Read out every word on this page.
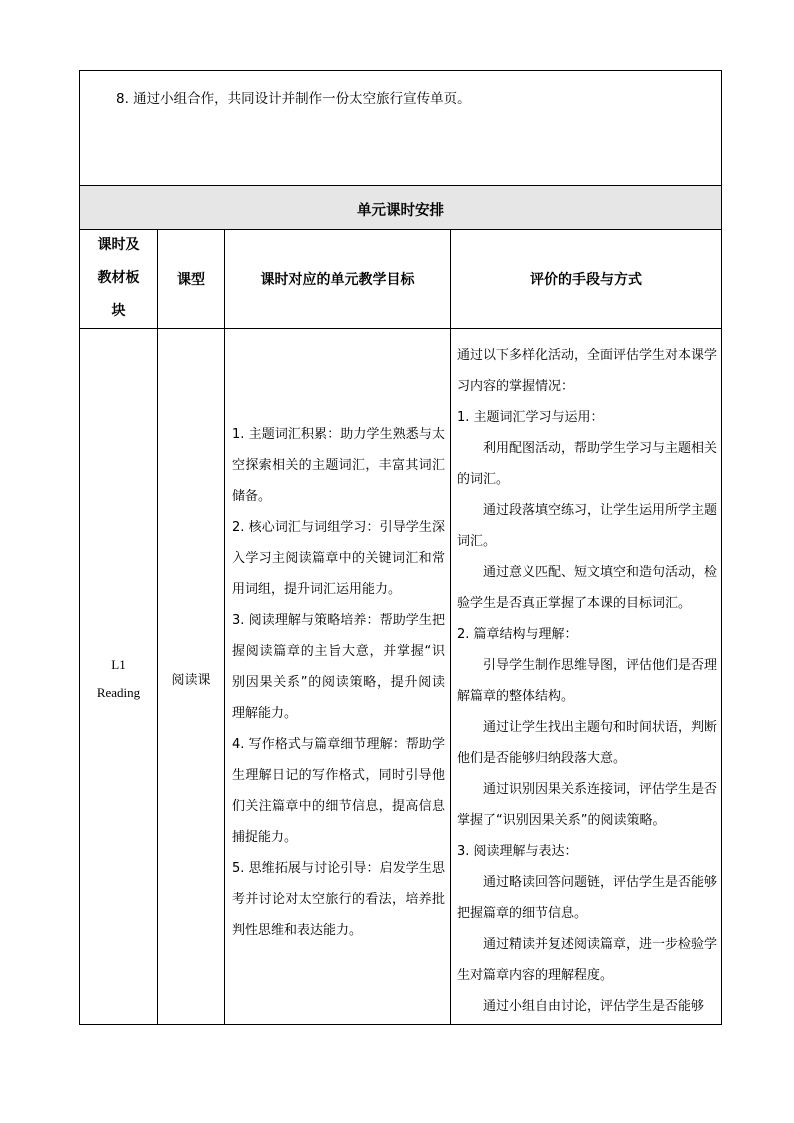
8. 通过小组合作，共同设计并制作一份太空旅行宣传单页。
单元课时安排
课时及教材板块
课型	课时对应的单元教学目标	评价的手段与方式
L1
Reading
阅读课

1. 主题词汇积累：助力学生熟悉与太空探索相关的主题词汇，丰富其词汇储备。

2. 核心词汇与词组学习：引导学生深入学习主阅读篇章中的关键词汇和常用词组，提升词汇运用能力。

3. 阅读理解与策略培养：帮助学生把握阅读篇章的主旨大意，并掌握“识别因果关系”的阅读策略，提升阅读理解能力。

4. 写作格式与篇章细节理解：帮助学生理解日记的写作格式，同时引导他们关注篇章中的细节信息，提高信息捕捉能力。

5. 思维拓展与讨论引导：启发学生思考并讨论对太空旅行的看法，培养批判性思维和表达能力。

通过以下多样化活动，全面评估学生对本课学习内容的掌握情况：

1. 主题词汇学习与运用：

利用配图活动，帮助学生学习与主题相关的词汇。

通过段落填空练习，让学生运用所学主题词汇。

通过意义匹配、短文填空和造句活动，检验学生是否真正掌握了本课的目标词汇。

2. 篇章结构与理解：

引导学生制作思维导图，评估他们是否理解篇章的整体结构。

通过让学生找出主题句和时间状语，判断他们是否能够归纳段落大意。

通过识别因果关系连接词，评估学生是否掌握了“识别因果关系”的阅读策略。

3. 阅读理解与表达：

通过略读回答问题链，评估学生是否能够把握篇章的细节信息。

通过精读并复述阅读篇章，进一步检验学生对篇章内容的理解程度。

通过小组自由讨论，评估学生是否能够
